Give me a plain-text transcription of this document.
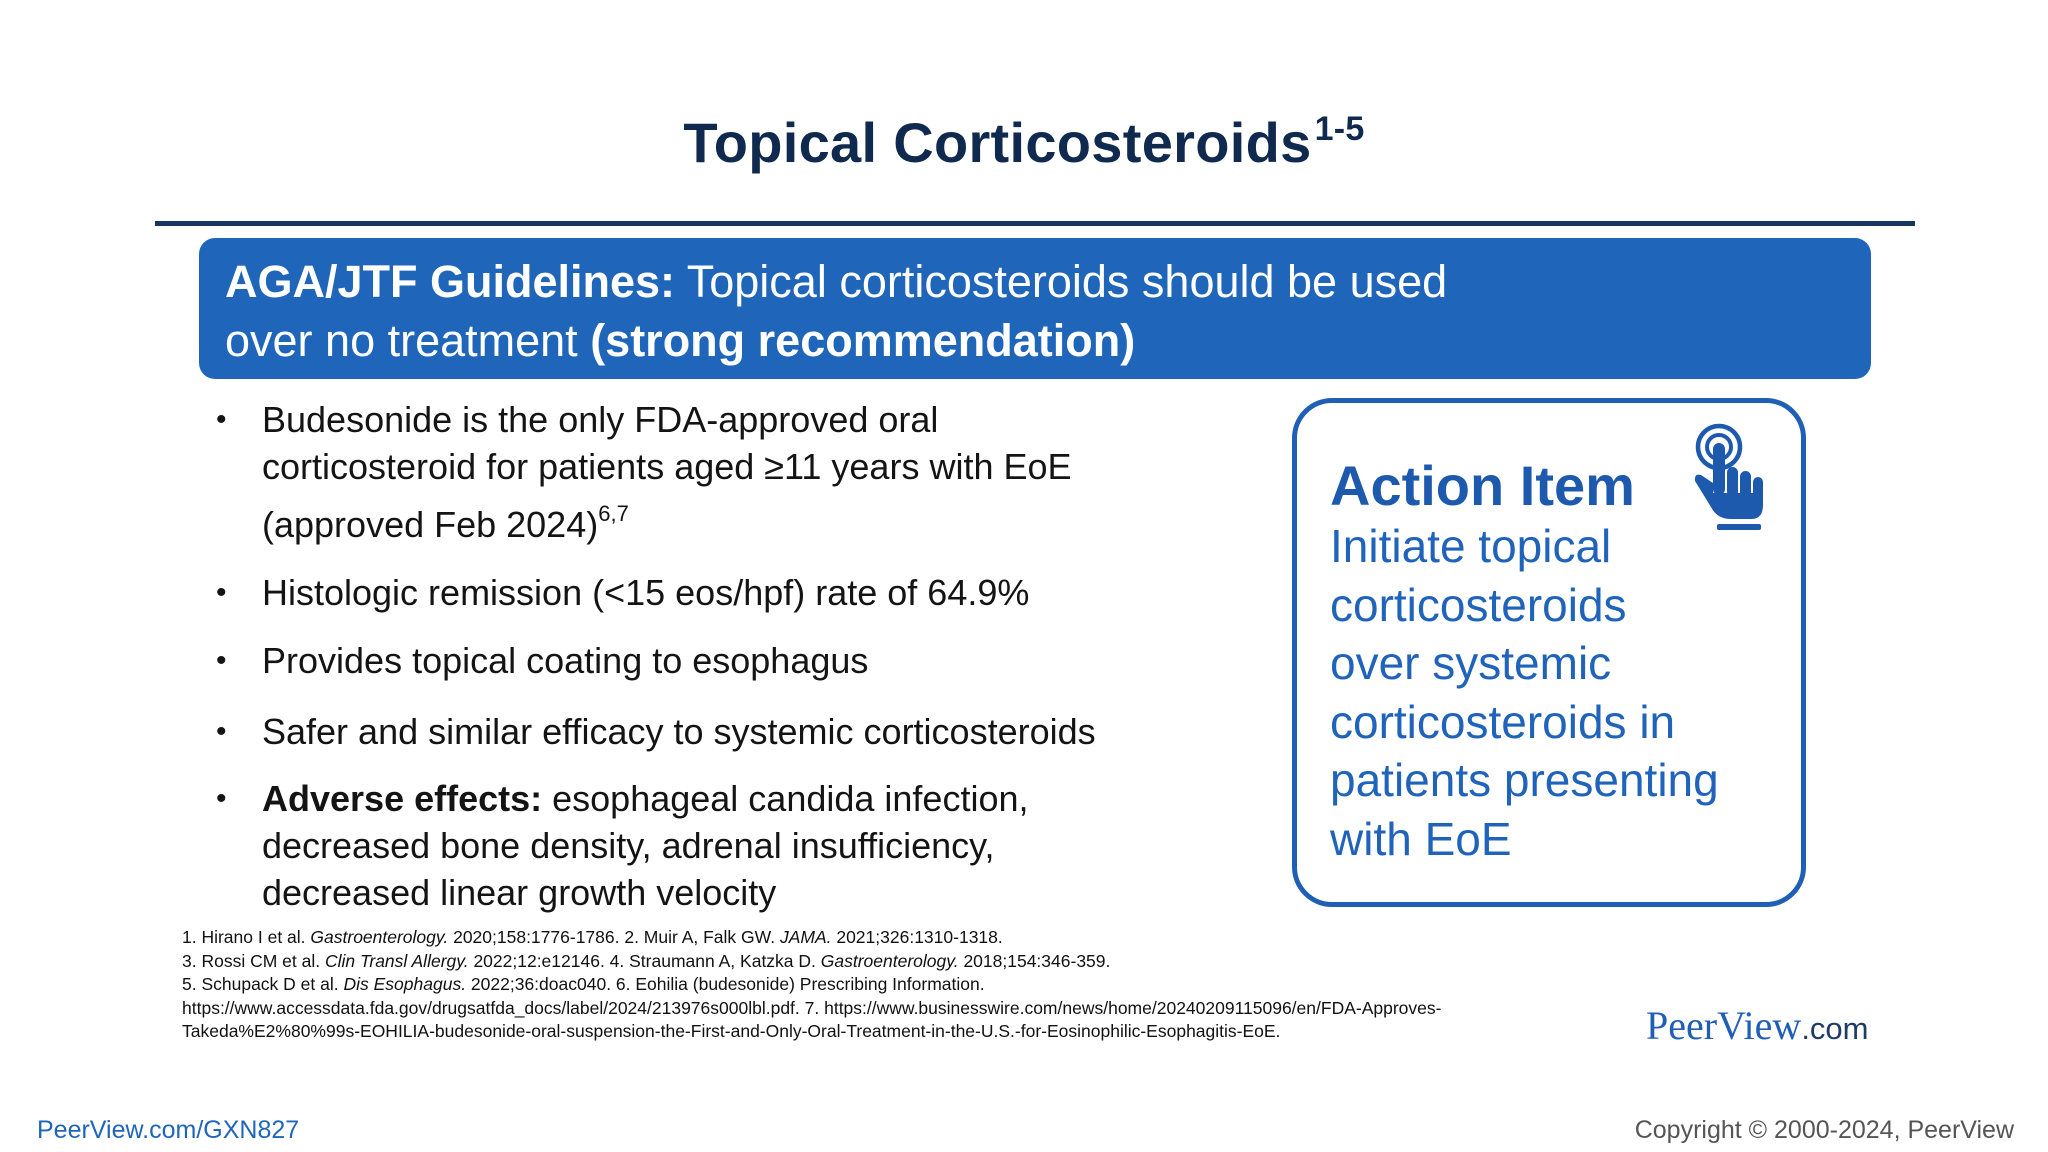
Topical Corticosteroids$^{1-5}$
AGA/JTF Guidelines: Topical corticosteroids should be used
over no treatment (strong recommendation)
• Budesonide is the only FDA-approved oral
corticosteroid for patients aged ≥11 years with EoE
(approved Feb 2024)$^{6,7}$
• Histologic remission (<15 eos/hpf) rate of 64.9%
• Provides topical coating to esophagus
• Safer and similar efficacy to systemic corticosteroids
• Adverse effects: esophageal candida infection,
decreased bone density, adrenal insufficiency,
decreased linear growth velocity
Action Item
Initiate topical
corticosteroids
over systemic
corticosteroids in
patients presenting
with EoE
1. Hirano I et al. Gastroenterology. 2020;158:1776-1786. 2. Muir A, Falk GW. JAMA. 2021;326:1310-1318.
3. Rossi CM et al. Clin Transl Allergy. 2022;12:e12146. 4. Straumann A, Katzka D. Gastroenterology. 2018;154:346-359.
5. Schupack D et al. Dis Esophagus. 2022;36:doac040. 6. Eohilia (budesonide) Prescribing Information.
https://www.accessdata.fda.gov/drugsatfda_docs/label/2024/213976s000lbl.pdf. 7. https://www.businesswire.com/news/home/20240209115096/en/FDA-Approves-
Takeda%E2%80%99s-EOHILIA-budesonide-oral-suspension-the-First-and-Only-Oral-Treatment-in-the-U.S.-for-Eosinophilic-Esophagitis-EoE.	PeerView.com
PeerView.com/GXN827	Copyright © 2000-2024, PeerView
